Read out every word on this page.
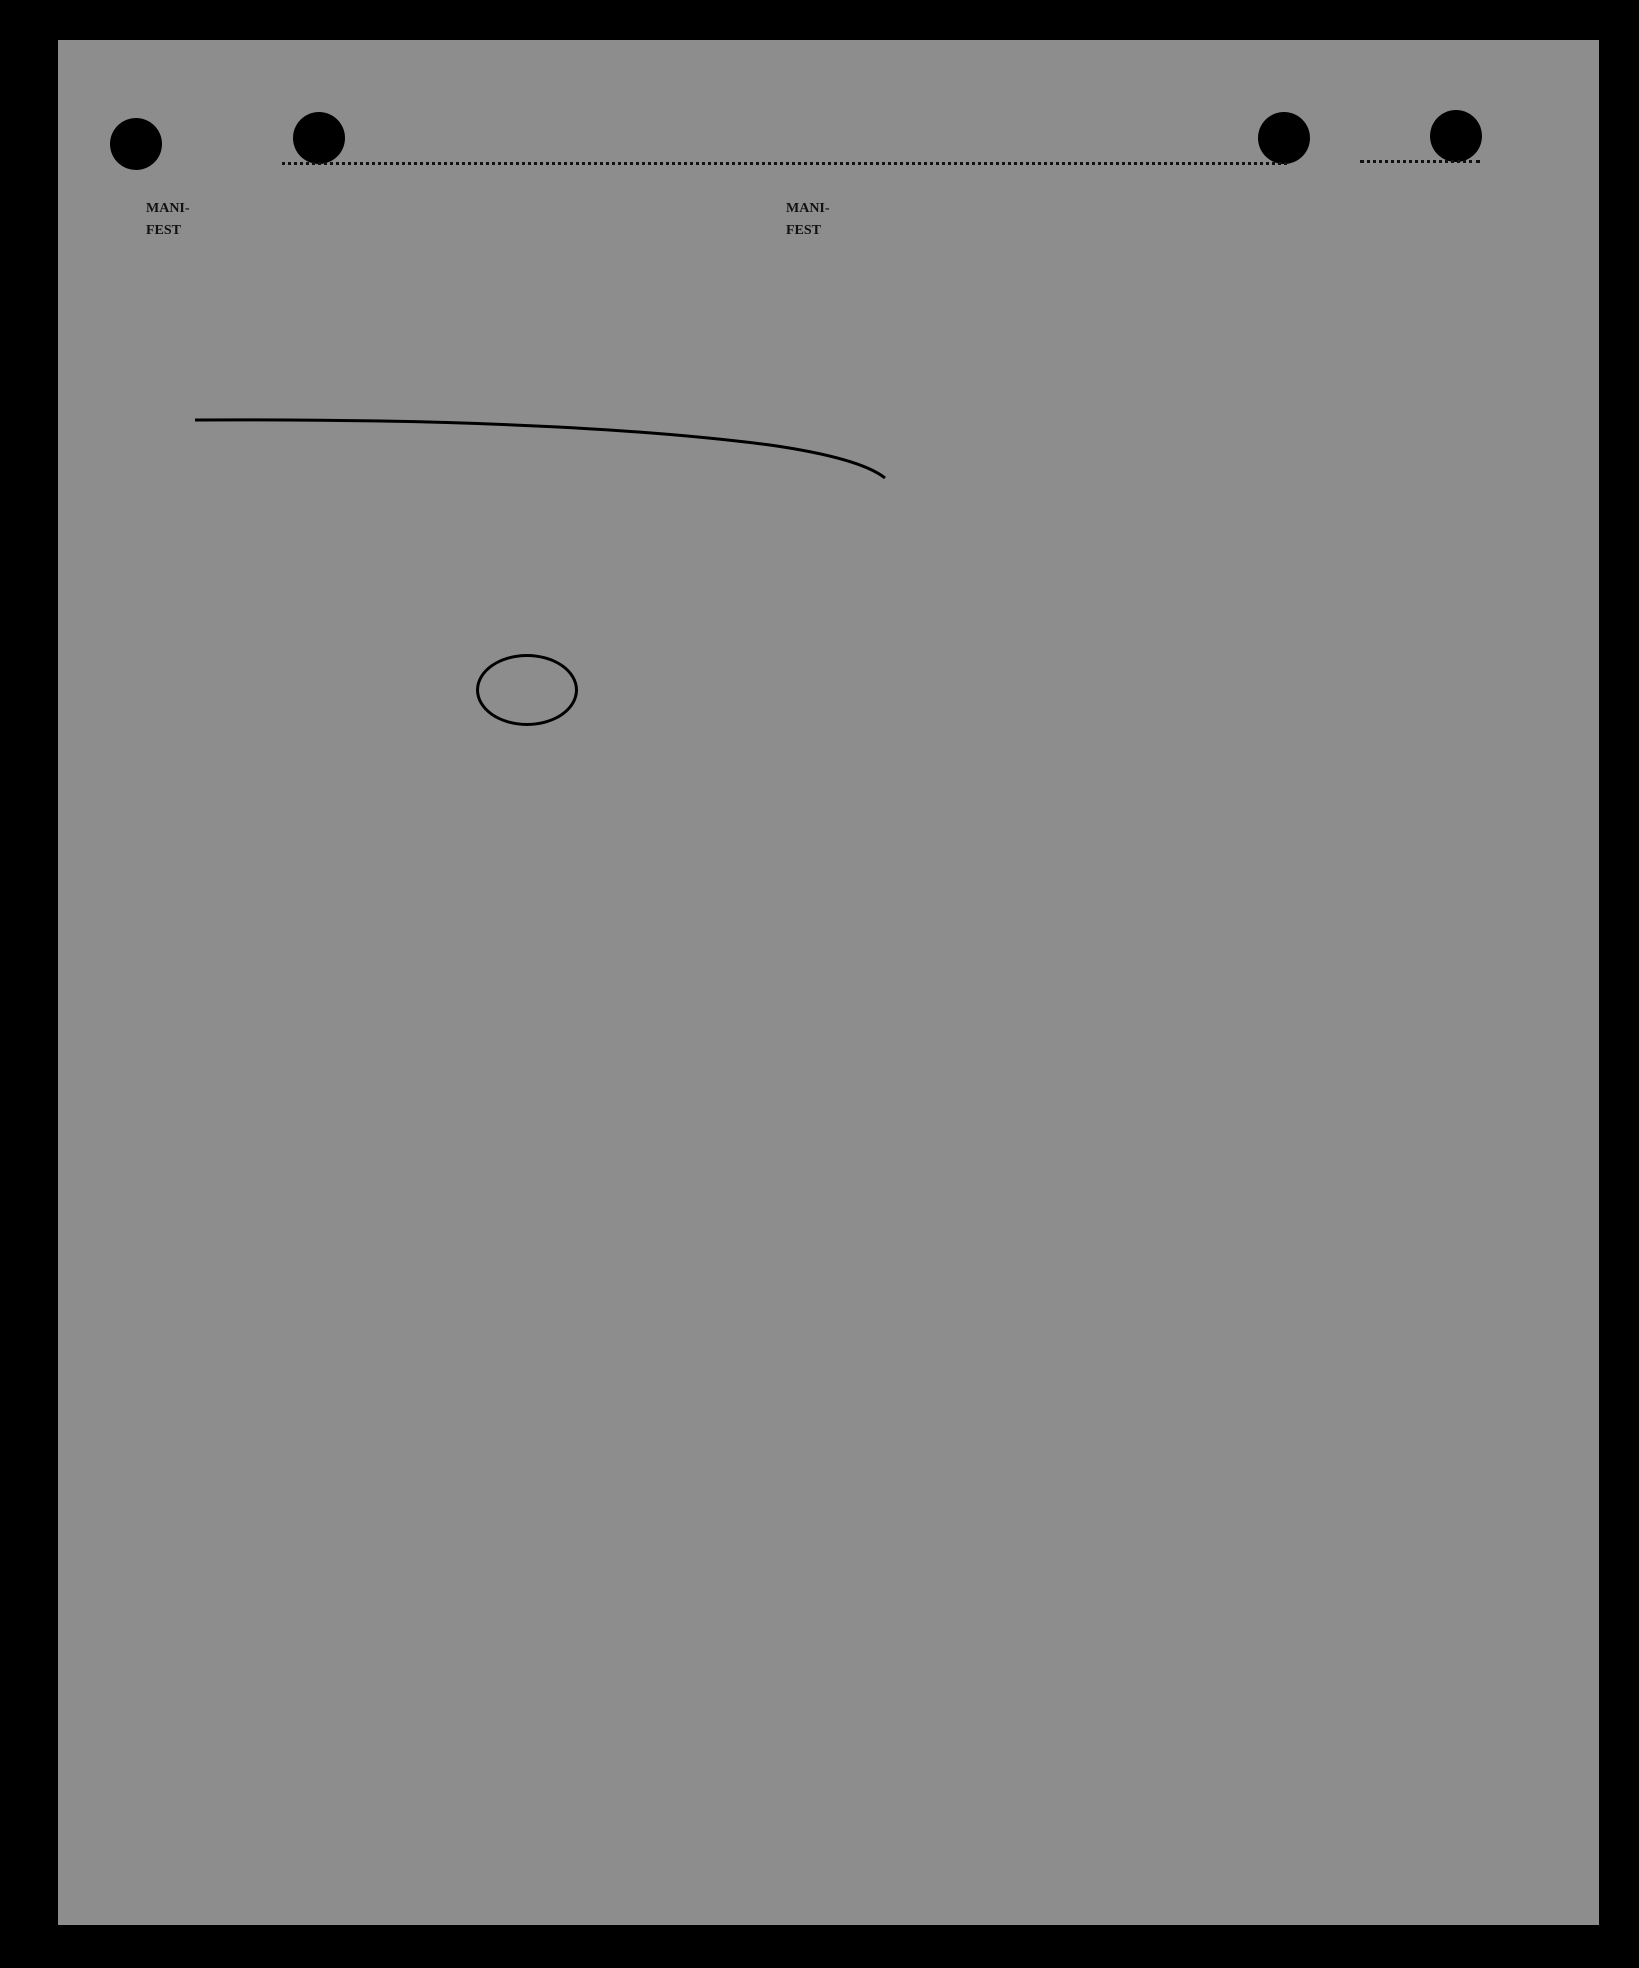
MANI-
FEST
MANI-
FEST
